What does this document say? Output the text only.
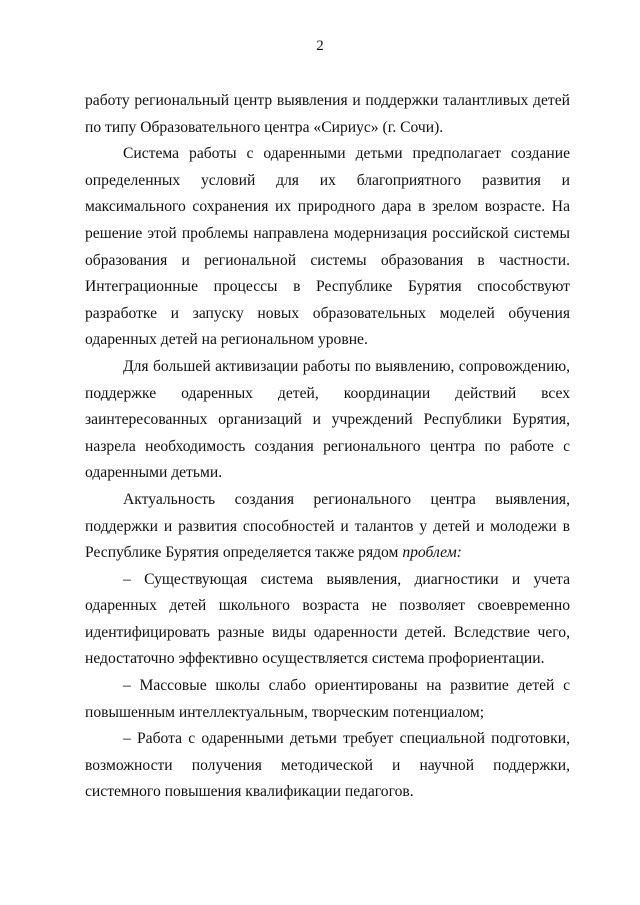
2

работу региональный центр выявления и поддержки талантливых детей по типу Образовательного центра «Сириус» (г. Сочи).

Система работы с одаренными детьми предполагает создание определенных условий для их благоприятного развития и максимального сохранения их природного дара в зрелом возрасте. На решение этой проблемы направлена модернизация российской системы образования и региональной системы образования в частности. Интеграционные процессы в Республике Бурятия способствуют разработке и запуску новых образовательных моделей обучения одаренных детей на региональном уровне.

Для большей активизации работы по выявлению, сопровождению, поддержке одаренных детей, координации действий всех заинтересованных организаций и учреждений Республики Бурятия, назрела необходимость создания регионального центра по работе с одаренными детьми.

Актуальность создания регионального центра выявления, поддержки и развития способностей и талантов у детей и молодежи в Республике Бурятия определяется также рядом проблем:

– Существующая система выявления, диагностики и учета одаренных детей школьного возраста не позволяет своевременно идентифицировать разные виды одаренности детей. Вследствие чего, недостаточно эффективно осуществляется система профориентации.

– Массовые школы слабо ориентированы на развитие детей с повышенным интеллектуальным, творческим потенциалом;

– Работа с одаренными детьми требует специальной подготовки, возможности получения методической и научной поддержки, системного повышения квалификации педагогов.
